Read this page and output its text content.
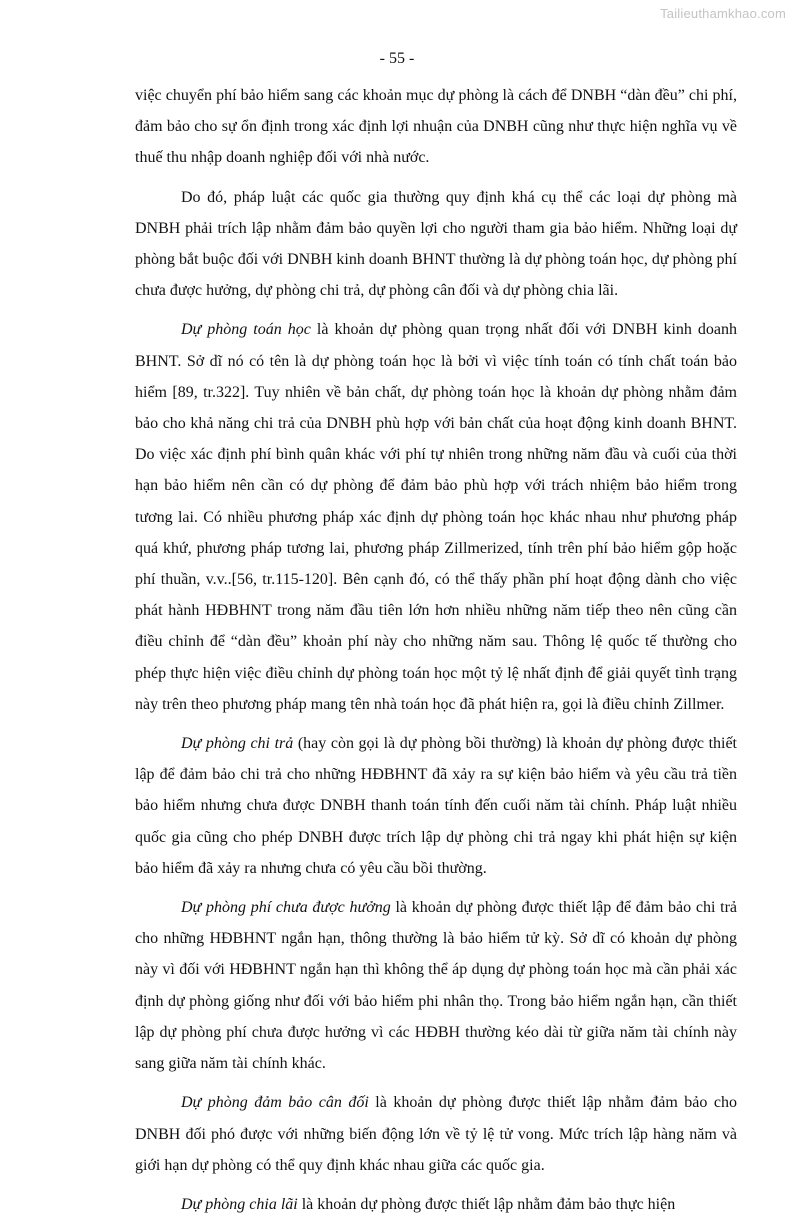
Tailieuthamkhao.com
- 55 -

việc chuyển phí bảo hiểm sang các khoản mục dự phòng là cách để DNBH “dàn đều” chi phí, đảm bảo cho sự ổn định trong xác định lợi nhuận của DNBH cũng như thực hiện nghĩa vụ về thuế thu nhập doanh nghiệp đối với nhà nước.

Do đó, pháp luật các quốc gia thường quy định khá cụ thể các loại dự phòng mà DNBH phải trích lập nhằm đảm bảo quyền lợi cho người tham gia bảo hiểm. Những loại dự phòng bắt buộc đối với DNBH kinh doanh BHNT thường là dự phòng toán học, dự phòng phí chưa được hưởng, dự phòng chi trả, dự phòng cân đối và dự phòng chia lãi.

Dự phòng toán học là khoản dự phòng quan trọng nhất đối với DNBH kinh doanh BHNT. Sở dĩ nó có tên là dự phòng toán học là bởi vì việc tính toán có tính chất toán bảo hiểm [89, tr.322]. Tuy nhiên về bản chất, dự phòng toán học là khoản dự phòng nhằm đảm bảo cho khả năng chi trả của DNBH phù hợp với bản chất của hoạt động kinh doanh BHNT. Do việc xác định phí bình quân khác với phí tự nhiên trong những năm đầu và cuối của thời hạn bảo hiểm nên cần có dự phòng để đảm bảo phù hợp với trách nhiệm bảo hiểm trong tương lai. Có nhiều phương pháp xác định dự phòng toán học khác nhau như phương pháp quá khứ, phương pháp tương lai, phương pháp Zillmerized, tính trên phí bảo hiểm gộp hoặc phí thuần, v.v..[56, tr.115-120]. Bên cạnh đó, có thể thấy phần phí hoạt động dành cho việc phát hành HĐBHNT trong năm đầu tiên lớn hơn nhiều những năm tiếp theo nên cũng cần điều chỉnh để “dàn đều” khoản phí này cho những năm sau. Thông lệ quốc tế thường cho phép thực hiện việc điều chỉnh dự phòng toán học một tỷ lệ nhất định để giải quyết tình trạng này trên theo phương pháp mang tên nhà toán học đã phát hiện ra, gọi là điều chỉnh Zillmer.

Dự phòng chi trả (hay còn gọi là dự phòng bồi thường) là khoản dự phòng được thiết lập để đảm bảo chi trả cho những HĐBHNT đã xảy ra sự kiện bảo hiểm và yêu cầu trả tiền bảo hiểm nhưng chưa được DNBH thanh toán tính đến cuối năm tài chính. Pháp luật nhiều quốc gia cũng cho phép DNBH được trích lập dự phòng chi trả ngay khi phát hiện sự kiện bảo hiểm đã xảy ra nhưng chưa có yêu cầu bồi thường.

Dự phòng phí chưa được hưởng là khoản dự phòng được thiết lập để đảm bảo chi trả cho những HĐBHNT ngắn hạn, thông thường là bảo hiểm tử kỳ. Sở dĩ có khoản dự phòng này vì đối với HĐBHNT ngắn hạn thì không thể áp dụng dự phòng toán học mà cần phải xác định dự phòng giống như đối với bảo hiểm phi nhân thọ. Trong bảo hiểm ngắn hạn, cần thiết lập dự phòng phí chưa được hưởng vì các HĐBH thường kéo dài từ giữa năm tài chính này sang giữa năm tài chính khác.

Dự phòng đảm bảo cân đối là khoản dự phòng được thiết lập nhằm đảm bảo cho DNBH đối phó được với những biến động lớn về tỷ lệ tử vong. Mức trích lập hàng năm và giới hạn dự phòng có thể quy định khác nhau giữa các quốc gia.

Dự phòng chia lãi là khoản dự phòng được thiết lập nhằm đảm bảo thực hiện
